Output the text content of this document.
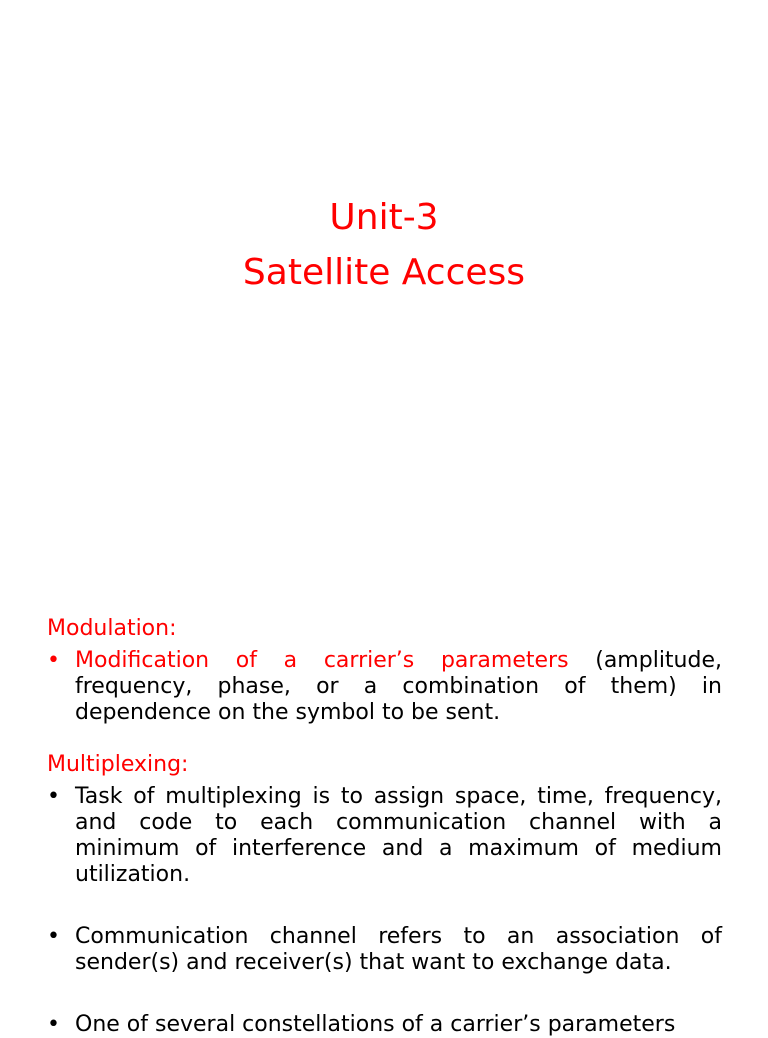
Unit-3
Satellite Access

Modulation:

• Modification of a carrier’s parameters (amplitude, frequency, phase, or a combination of them) in dependence on the symbol to be sent.

Multiplexing:

• Task of multiplexing is to assign space, time, frequency, and code to each communication channel with a minimum of interference and a maximum of medium utilization.

• Communication channel refers to an association of sender(s) and receiver(s) that want to exchange data.

• One of several constellations of a carrier’s parameters
